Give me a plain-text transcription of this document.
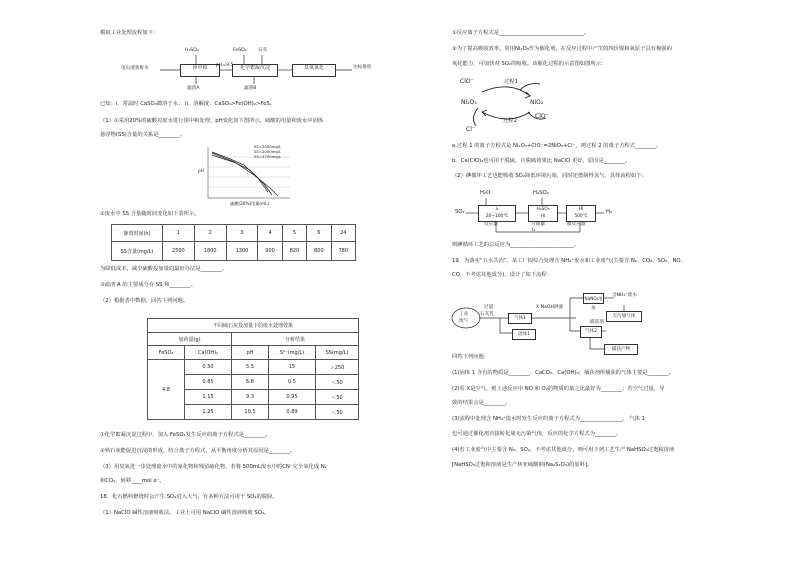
模拟工业处理流程如下：
电石渣浆废水	预中和	化学絮凝沉淀	臭氧氧化	达标排放
H₂SO₄	FeSO₄ 石灰
pH=9.5
滤渣A	滤渣B
已知：i．常温时 CaSO₄微溶于水； ii．溶解度：CaSO₄>Fe(OH)₂>FeS。
（1）①采用20%的硫酸对废水进行预中和处理，pH变化如下图所示。硫酸的用量和废水中固体
悬浮物(SS)含量的关系是________。
pH
硫酸(20%)用量(mL)
SS=2500mg/L
SS=2000mg/L
SS=3700mg/L
②废水中 SS 含量随时间变化如下表所示。
静置时间(h)	1	2	3	4	5	6	24
SS含量(mg/L)	2500	1800	1300	900	820	800	780
为降低成本，减少硫酸投加量的最好办法是________。
③滤渣 A 的主要成分有 SS 和________。
（2）根据表中数据，回答下列问题。
不同硫石灰投加量下的废水处理效果				
加药量(g)		分析结果		
FeSO₄	Ca(OH)₂	pH	S²⁻(mg/L)	SS(mg/L)
4.8	0.50	5.5	15	＞250
	0.85	6.8	0.5	＜50
	1.15	9.3	0.95	＜50
	1.25	10.5	0.89	＜50
①化学絮凝沉淀过程中，加入 FeSO₄发生反应的离子方程式是________。
②熟石灰能促进沉淀的形成，结合离子方程式，从平衡角度分析其原因是________。
（3）用臭氧进一步处理废水中的氰化物和残留硫化物，若将 500mL废水中的CN⁻完全氧化成 N₂
和CO₂，转移____mol e⁻。
18．化石燃料燃烧时会产生 SO₂进入大气，有多种方法可用于 SO₂的脱除。
（1）NaClO 碱性溶液吸收法。工业上可用 NaClO 碱性溶液吸收 SO₂。
①反应离子方程式是________________________________。
②为了提高吸收效率，常用Ni₂O₃作为催化剂。在反应过程中产生的四价镍和氧原子具有极强的
氧化能力，可加快对 SO₂的吸收。该催化过程的示意图如图所示：
ClO⁻	过程1
Ni₂O₃	NiO₂
过程2
Cl⁻
ClO⁻
a.过程 1 的离子方程式是 Ni₂O₃+ClO⁻=2NiO₂+Cl⁻，则过程 2 的离子方程式________。
b．Ca(ClO)₂也可用于脱硫，且脱硫效果比 NaClO 更好，原因是________。
（2）碘循环工艺也能吸收 SO₂降低环境污染，同时还能制得氢气，具体流程如下：
H₂O
SO₂	I₂
20~100℃
反应器
H₂SO₄
H₂SO₄
HI
分离器
HI
500℃
膜反应器
H₂
I₂
则碘循环工艺的总反应为________________________。
19．为落实“五水共治”，某工厂拟综合处理含 NH₄⁺废水和工业废气(主要含 N₂、CO₂、SO₂、NO、
CO，不考虑其他成分)，设计了如下流程：
工业
废气
过量
石灰乳
气体1
固体1
X NaOH溶液
NaNO₂溶液
含NH₄⁺废水
无污染气体
气体2
捕获剂
捕获产物
回答下列问题：
(1)固体 1 含有的物质是________、CaCO₃、Ca(OH)₂；捕获剂所捕获的气体主要是________。
(2)若 X是空气，则上述反应中 NO 和 O₂的物质的量之比最好为________；若空气过量，导
致的结果会是________。
(3)流程中处理含 NH₄⁺废水时发生反应的离子方程式为________________。 气体 1
也可通过催化剂直接转化成无污染气体，反应的化学方程式为________。
(4)若工业废气中主要含 N₂、SO₂，不考虑其他成分，则可用下列工艺生产 NaHSO₃过饱和溶液
[NaHSO₃过饱和溶液是生产焦亚硫酸钠(Na₂S₂O₅)的原料]。
